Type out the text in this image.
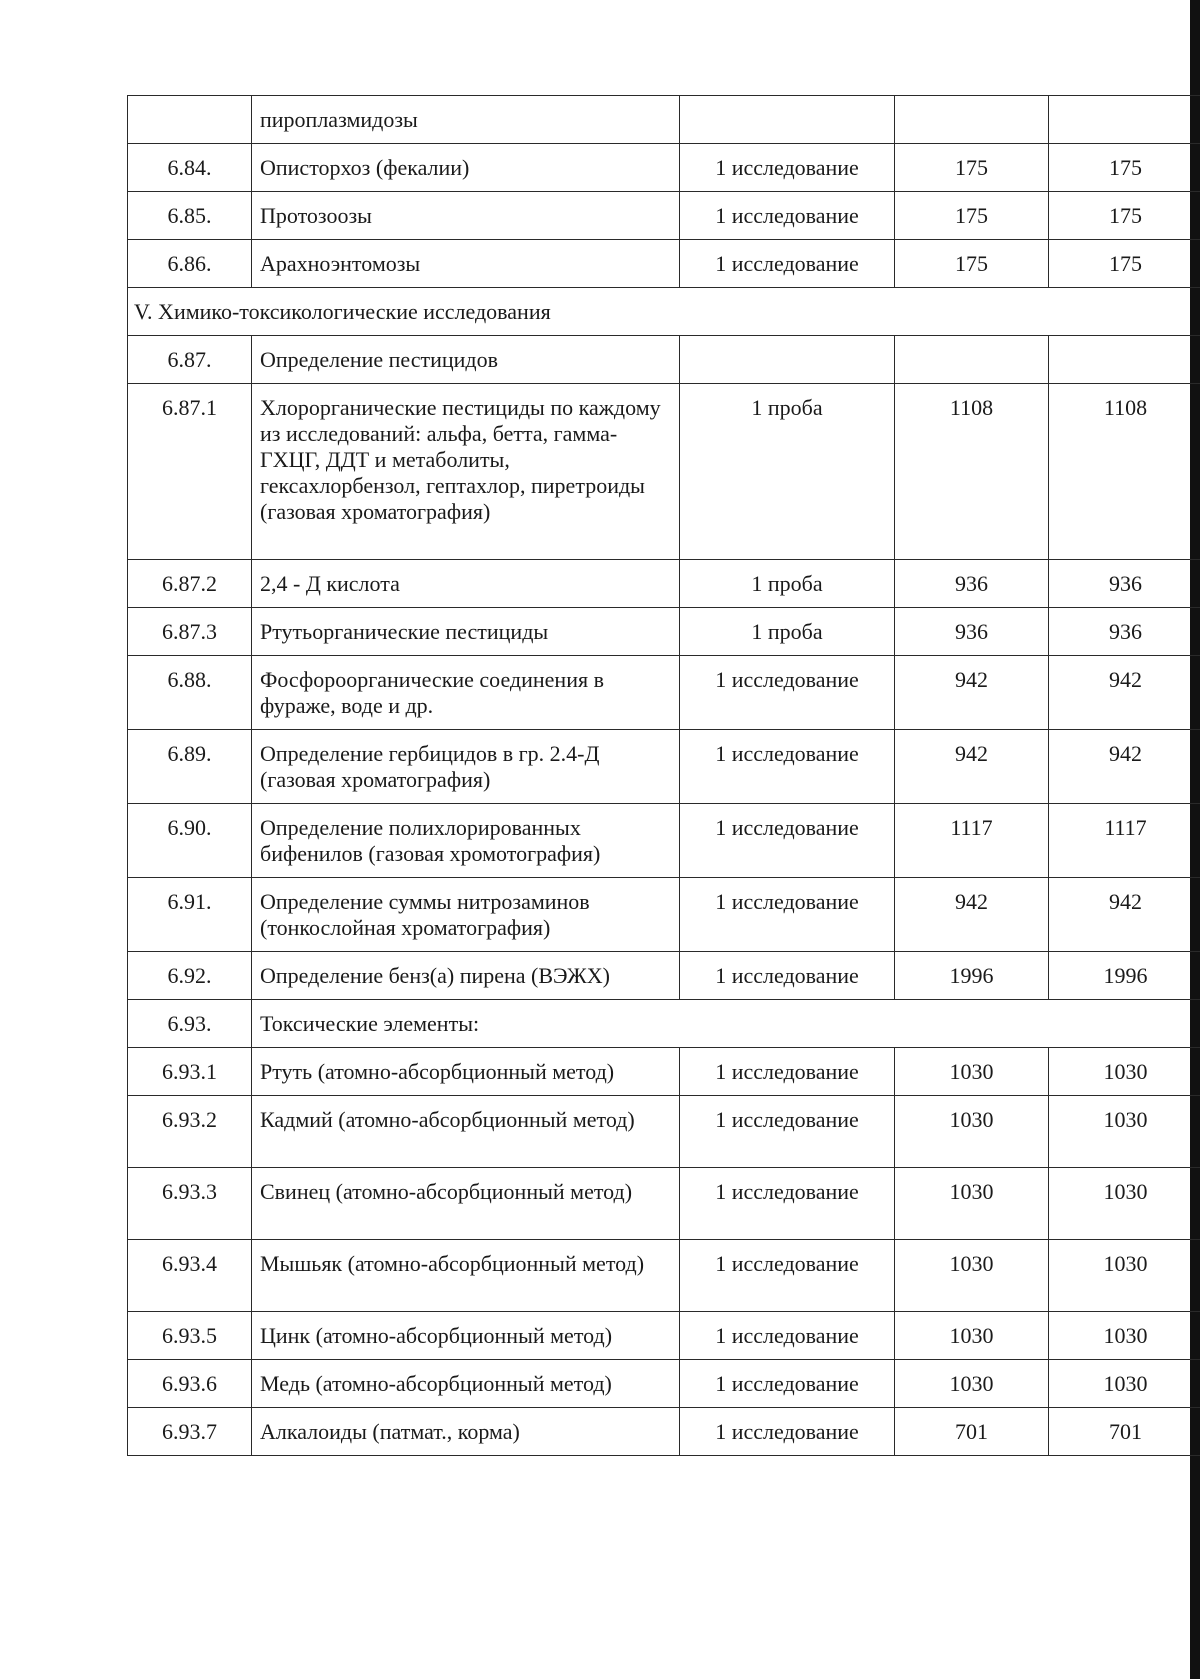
	пироплазмидозы			
6.84.	Описторхоз (фекалии)	1 исследование	175	175
6.85.	Протозоозы	1 исследование	175	175
6.86.	Арахноэнтомозы	1 исследование	175	175
V. Химико-токсикологические исследования				
6.87.	Определение пестицидов			
6.87.1	Хлорорганические пестициды по каждому из исследований: альфа, бетта, гамма-ГХЦГ, ДДТ и метаболиты, гексахлорбензол, гептахлор, пиретроиды (газовая хроматография)	1 проба	1108	1108
6.87.2	2,4 - Д кислота	1 проба	936	936
6.87.3	Ртутьорганические пестициды	1 проба	936	936
6.88.	Фосфороорганические соединения в фураже, воде и др.	1 исследование	942	942
6.89.	Определение гербицидов в гр. 2.4-Д (газовая хроматография)	1 исследование	942	942
6.90.	Определение полихлорированных бифенилов (газовая хромотография)	1 исследование	1117	1117
6.91.	Определение суммы нитрозаминов (тонкослойная хроматография)	1 исследование	942	942
6.92.	Определение бенз(а) пирена (ВЭЖХ)	1 исследование	1996	1996
6.93.	Токсические элементы:			
6.93.1	Ртуть (атомно-абсорбционный метод)	1 исследование	1030	1030
6.93.2	Кадмий (атомно-абсорбционный метод)	1 исследование	1030	1030
6.93.3	Свинец (атомно-абсорбционный метод)	1 исследование	1030	1030
6.93.4	Мышьяк (атомно-абсорбционный метод)	1 исследование	1030	1030
6.93.5	Цинк (атомно-абсорбционный метод)	1 исследование	1030	1030
6.93.6	Медь (атомно-абсорбционный метод)	1 исследование	1030	1030
6.93.7	Алкалоиды (патмат., корма)	1 исследование	701	701
